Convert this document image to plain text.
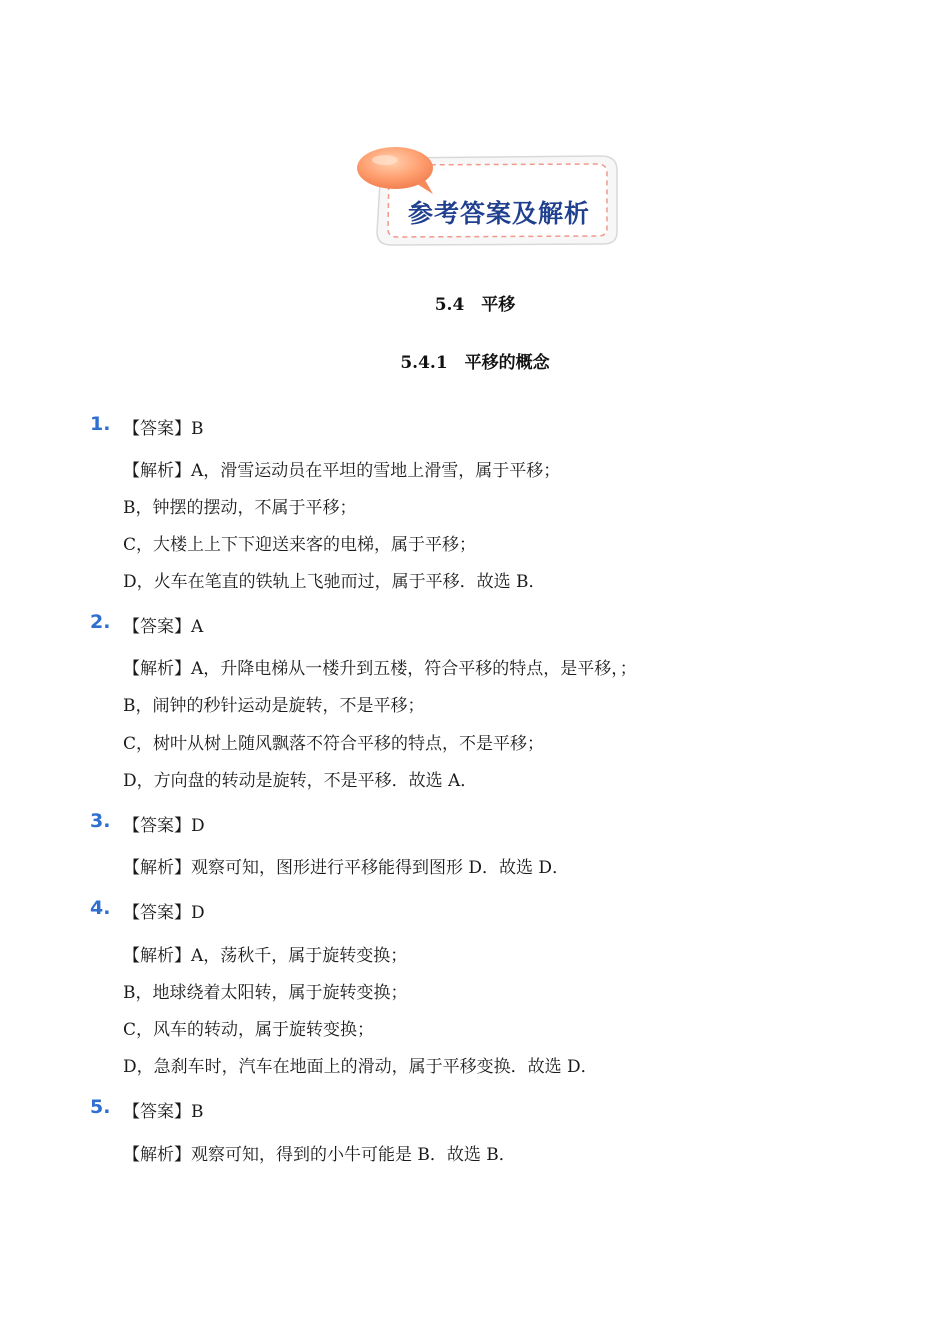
参考答案及解析
5.4　平移
5.4.1　平移的概念
1. 【答案】B
【解析】A，滑雪运动员在平坦的雪地上滑雪，属于平移；
B，钟摆的摆动，不属于平移；
C，大楼上上下下迎送来客的电梯，属于平移；
D，火车在笔直的铁轨上飞驰而过，属于平移．故选 B．
2. 【答案】A
【解析】A，升降电梯从一楼升到五楼，符合平移的特点，是平移，；
B，闹钟的秒针运动是旋转，不是平移；
C，树叶从树上随风飘落不符合平移的特点，不是平移；
D，方向盘的转动是旋转，不是平移．故选 A．
3. 【答案】D
【解析】观察可知，图形进行平移能得到图形 D．故选 D．
4. 【答案】D
【解析】A，荡秋千，属于旋转变换；
B，地球绕着太阳转，属于旋转变换；
C，风车的转动，属于旋转变换；
D，急刹车时，汽车在地面上的滑动，属于平移变换．故选 D．
5. 【答案】B
【解析】观察可知，得到的小牛可能是 B．故选 B．
